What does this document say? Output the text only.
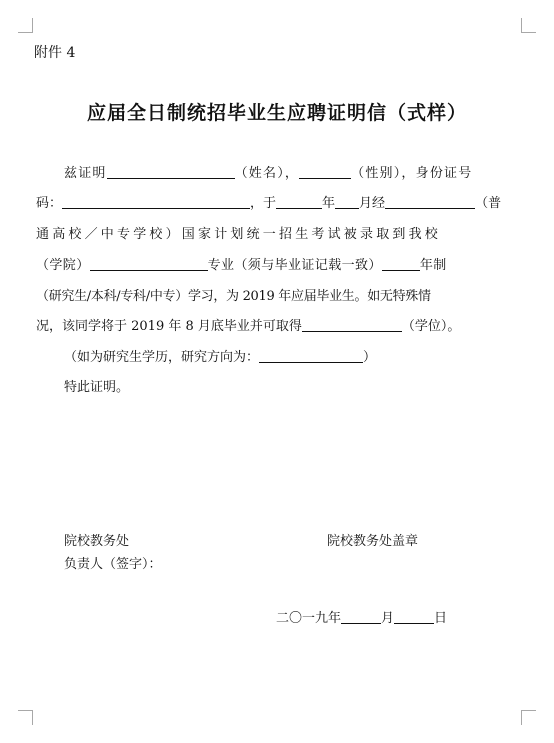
附件 4
应届全日制统招毕业生应聘证明信（式样）
兹证明	（姓名），	（性别），身份证号
码：	，于	年 月经	（普
通高校／中专学校）国家计划统一招生考试被录取到我校
（学院）	专业（须与毕业证记载一致）	年制
（研究生/本科/专科/中专）学习，为 2019 年应届毕业生。如无特殊情
况，该同学将于 2019 年 8 月底毕业并可取得	（学位）。
（如为研究生学历，研究方向为：	）
特此证明。
院校教务处
负责人（签字）：
院校教务处盖章
二〇一九年	月	日
